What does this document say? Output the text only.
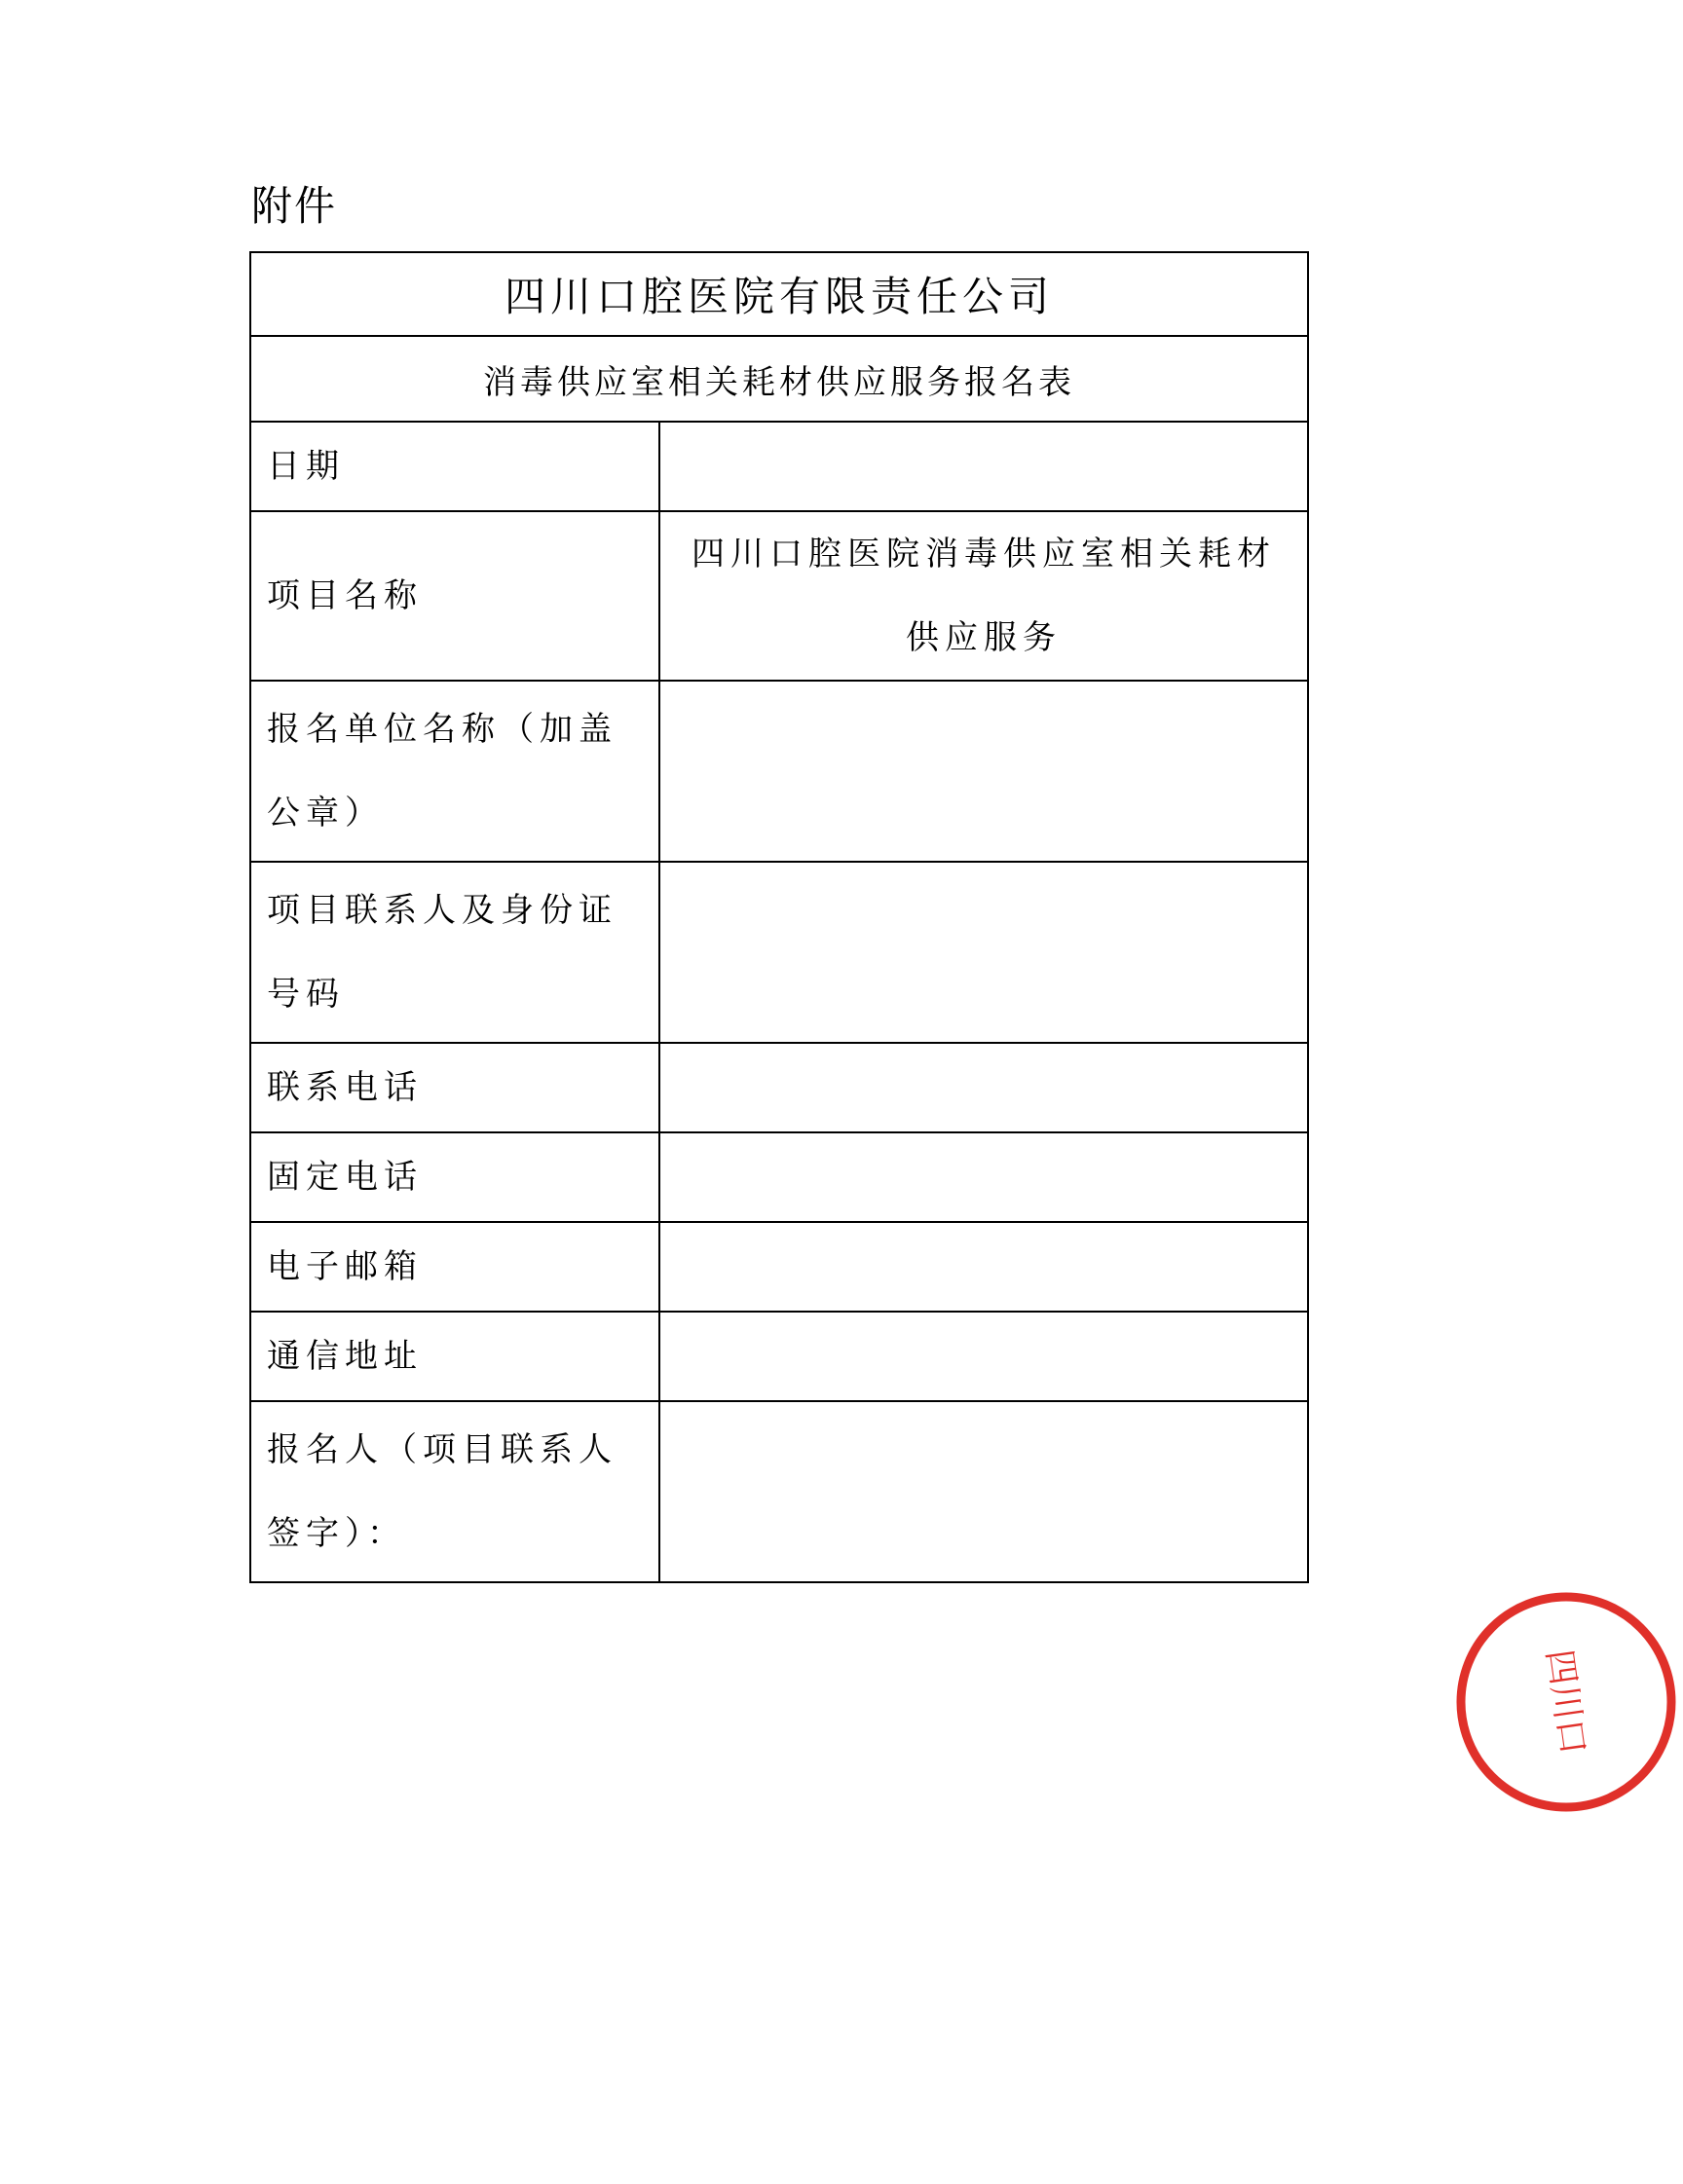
附件
四川口腔医院有限责任公司	
消毒供应室相关耗材供应服务报名表	
日期	
项目名称	四川口腔医院消毒供应室相关耗材供应服务
报名单位名称（加盖公章）	
项目联系人及身份证号码	
联系电话	
固定电话	
电子邮箱	
通信地址	
报名人（项目联系人签字）：	
四川口
